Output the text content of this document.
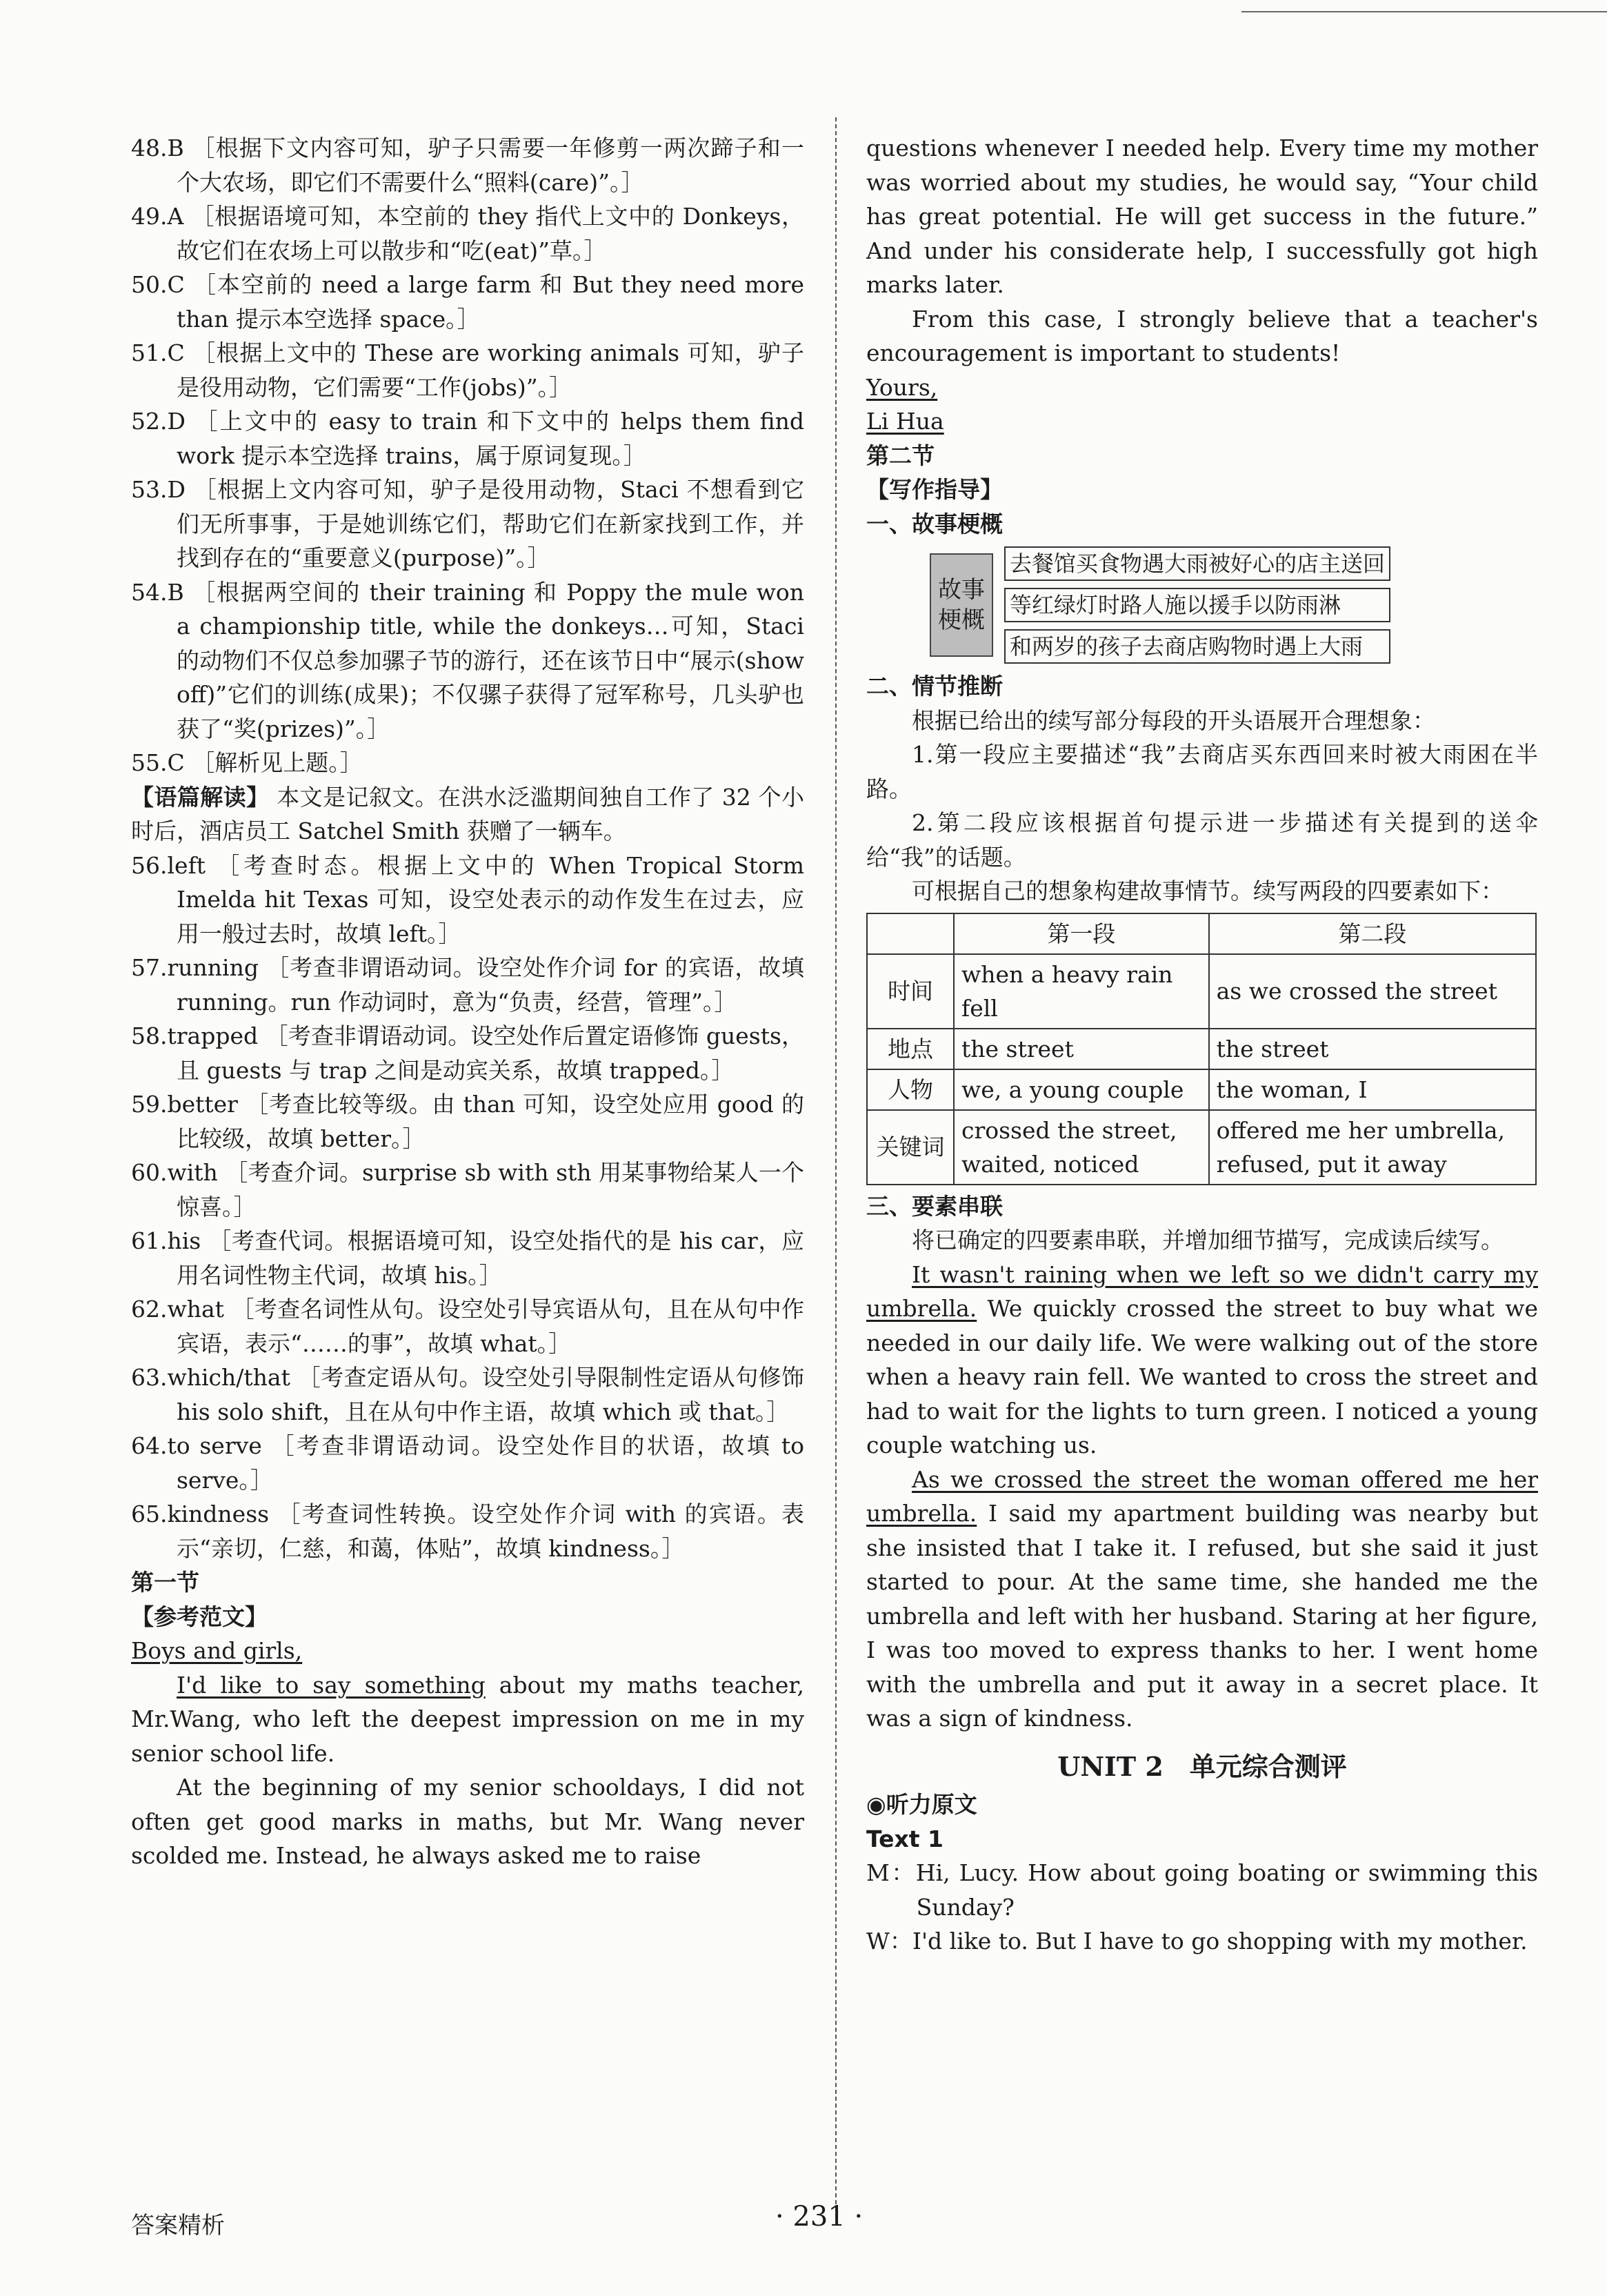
48.B ［根据下文内容可知，驴子只需要一年修剪一两次蹄子和一个大农场，即它们不需要什么“照料(care)”。］

49.A ［根据语境可知，本空前的 they 指代上文中的 Donkeys，故它们在农场上可以散步和“吃(eat)”草。］

50.C ［本空前的 need a large farm 和 But they need more than 提示本空选择 space。］

51.C ［根据上文中的 These are working animals 可知，驴子是役用动物，它们需要“工作(jobs)”。］

52.D ［上文中的 easy to train 和下文中的 helps them find work 提示本空选择 trains，属于原词复现。］

53.D ［根据上文内容可知，驴子是役用动物，Staci 不想看到它们无所事事，于是她训练它们，帮助它们在新家找到工作，并找到存在的“重要意义(purpose)”。］

54.B ［根据两空间的 their training 和 Poppy the mule won a championship title, while the donkeys…可知，Staci 的动物们不仅总参加骡子节的游行，还在该节日中“展示(show off)”它们的训练(成果)；不仅骡子获得了冠军称号，几头驴也获了“奖(prizes)”。］

55.C ［解析见上题。］

【语篇解读】 本文是记叙文。在洪水泛滥期间独自工作了 32 个小时后，酒店员工 Satchel Smith 获赠了一辆车。

56.left ［考查时态。根据上文中的 When Tropical Storm Imelda hit Texas 可知，设空处表示的动作发生在过去，应用一般过去时，故填 left。］

57.running ［考查非谓语动词。设空处作介词 for 的宾语，故填 running。run 作动词时，意为“负责，经营，管理”。］

58.trapped ［考查非谓语动词。设空处作后置定语修饰 guests，且 guests 与 trap 之间是动宾关系，故填 trapped。］

59.better ［考查比较等级。由 than 可知，设空处应用 good 的比较级，故填 better。］

60.with ［考查介词。surprise sb with sth 用某事物给某人一个惊喜。］

61.his ［考查代词。根据语境可知，设空处指代的是 his car，应用名词性物主代词，故填 his。］

62.what ［考查名词性从句。设空处引导宾语从句，且在从句中作宾语，表示“……的事”，故填 what。］

63.which/that ［考查定语从句。设空处引导限制性定语从句修饰 his solo shift，且在从句中作主语，故填 which 或 that。］

64.to serve ［考查非谓语动词。设空处作目的状语，故填 to serve。］

65.kindness ［考查词性转换。设空处作介词 with 的宾语。表示“亲切，仁慈，和蔼，体贴”，故填 kindness。］

第一节

【参考范文】

Boys and girls,

I'd like to say something about my maths teacher, Mr.Wang, who left the deepest impression on me in my senior school life.

At the beginning of my senior schooldays, I did not often get good marks in maths, but Mr. Wang never scolded me. Instead, he always asked me to raise

questions whenever I needed help. Every time my mother was worried about my studies, he would say, “Your child has great potential. He will get success in the future.” And under his considerate help, I successfully got high marks later.

From this case, I strongly believe that a teacher's encouragement is important to students!

Yours,

Li Hua

第二节

【写作指导】

一、故事梗概

故事梗概
去餐馆买食物遇大雨被好心的店主送回
等红绿灯时路人施以援手以防雨淋
和两岁的孩子去商店购物时遇上大雨

二、情节推断

根据已给出的续写部分每段的开头语展开合理想象：

1.第一段应主要描述“我”去商店买东西回来时被大雨困在半路。

2.第二段应该根据首句提示进一步描述有关提到的送伞给“我”的话题。

可根据自己的想象构建故事情节。续写两段的四要素如下：

	第一段	第二段
时间	when a heavy rain fell	as we crossed the street
地点	the street	the street
人物	we, a young couple	the woman, I
关键词	crossed the street, waited, noticed	offered me her umbrella, refused, put it away

三、要素串联

将已确定的四要素串联，并增加细节描写，完成读后续写。

It wasn't raining when we left so we didn't carry my umbrella. We quickly crossed the street to buy what we needed in our daily life. We were walking out of the store when a heavy rain fell. We wanted to cross the street and had to wait for the lights to turn green. I noticed a young couple watching us.

As we crossed the street the woman offered me her umbrella. I said my apartment building was nearby but she insisted that I take it. I refused, but she said it just started to pour. At the same time, she handed me the umbrella and left with her husband. Staring at her figure, I was too moved to express thanks to her. I went home with the umbrella and put it away in a secret place. It was a sign of kindness.

UNIT 2　单元综合测评

◉听力原文

Text 1

M：Hi, Lucy. How about going boating or swimming this Sunday?

W：I'd like to. But I have to go shopping with my mother.

答案精析	· 231 ·
